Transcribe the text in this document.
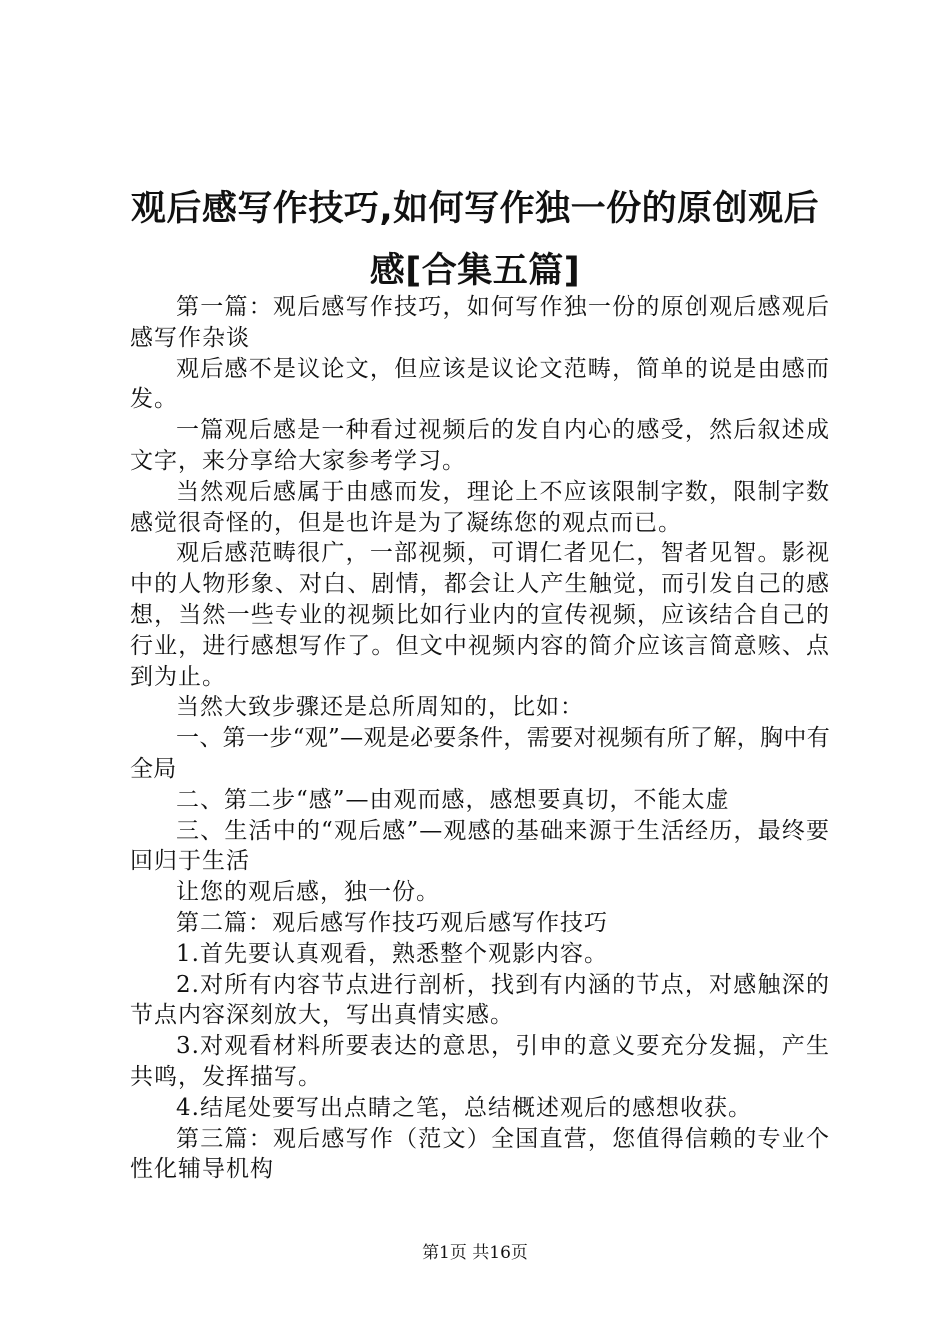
观后感写作技巧,如何写作独一份的原创观后感[合集五篇]

第一篇：观后感写作技巧，如何写作独一份的原创观后感观后感写作杂谈

观后感不是议论文，但应该是议论文范畴，简单的说是由感而发。

一篇观后感是一种看过视频后的发自内心的感受，然后叙述成文字，来分享给大家参考学习。

当然观后感属于由感而发，理论上不应该限制字数，限制字数感觉很奇怪的，但是也许是为了凝练您的观点而已。

观后感范畴很广，一部视频，可谓仁者见仁，智者见智。影视中的人物形象、对白、剧情，都会让人产生触觉，而引发自己的感想，当然一些专业的视频比如行业内的宣传视频，应该结合自己的行业，进行感想写作了。但文中视频内容的简介应该言简意赅、点到为止。

当然大致步骤还是总所周知的，比如：

一、第一步“观”—观是必要条件，需要对视频有所了解，胸中有全局

二、第二步“感”—由观而感，感想要真切，不能太虚

三、生活中的“观后感”—观感的基础来源于生活经历，最终要回归于生活

让您的观后感，独一份。

第二篇：观后感写作技巧观后感写作技巧

1.首先要认真观看，熟悉整个观影内容。

2.对所有内容节点进行剖析，找到有内涵的节点，对感触深的节点内容深刻放大，写出真情实感。

3.对观看材料所要表达的意思，引申的意义要充分发掘，产生共鸣，发挥描写。

4.结尾处要写出点睛之笔，总结概述观后的感想收获。

第三篇：观后感写作（范文）全国直营，您值得信赖的专业个性化辅导机构

第1页 共16页
